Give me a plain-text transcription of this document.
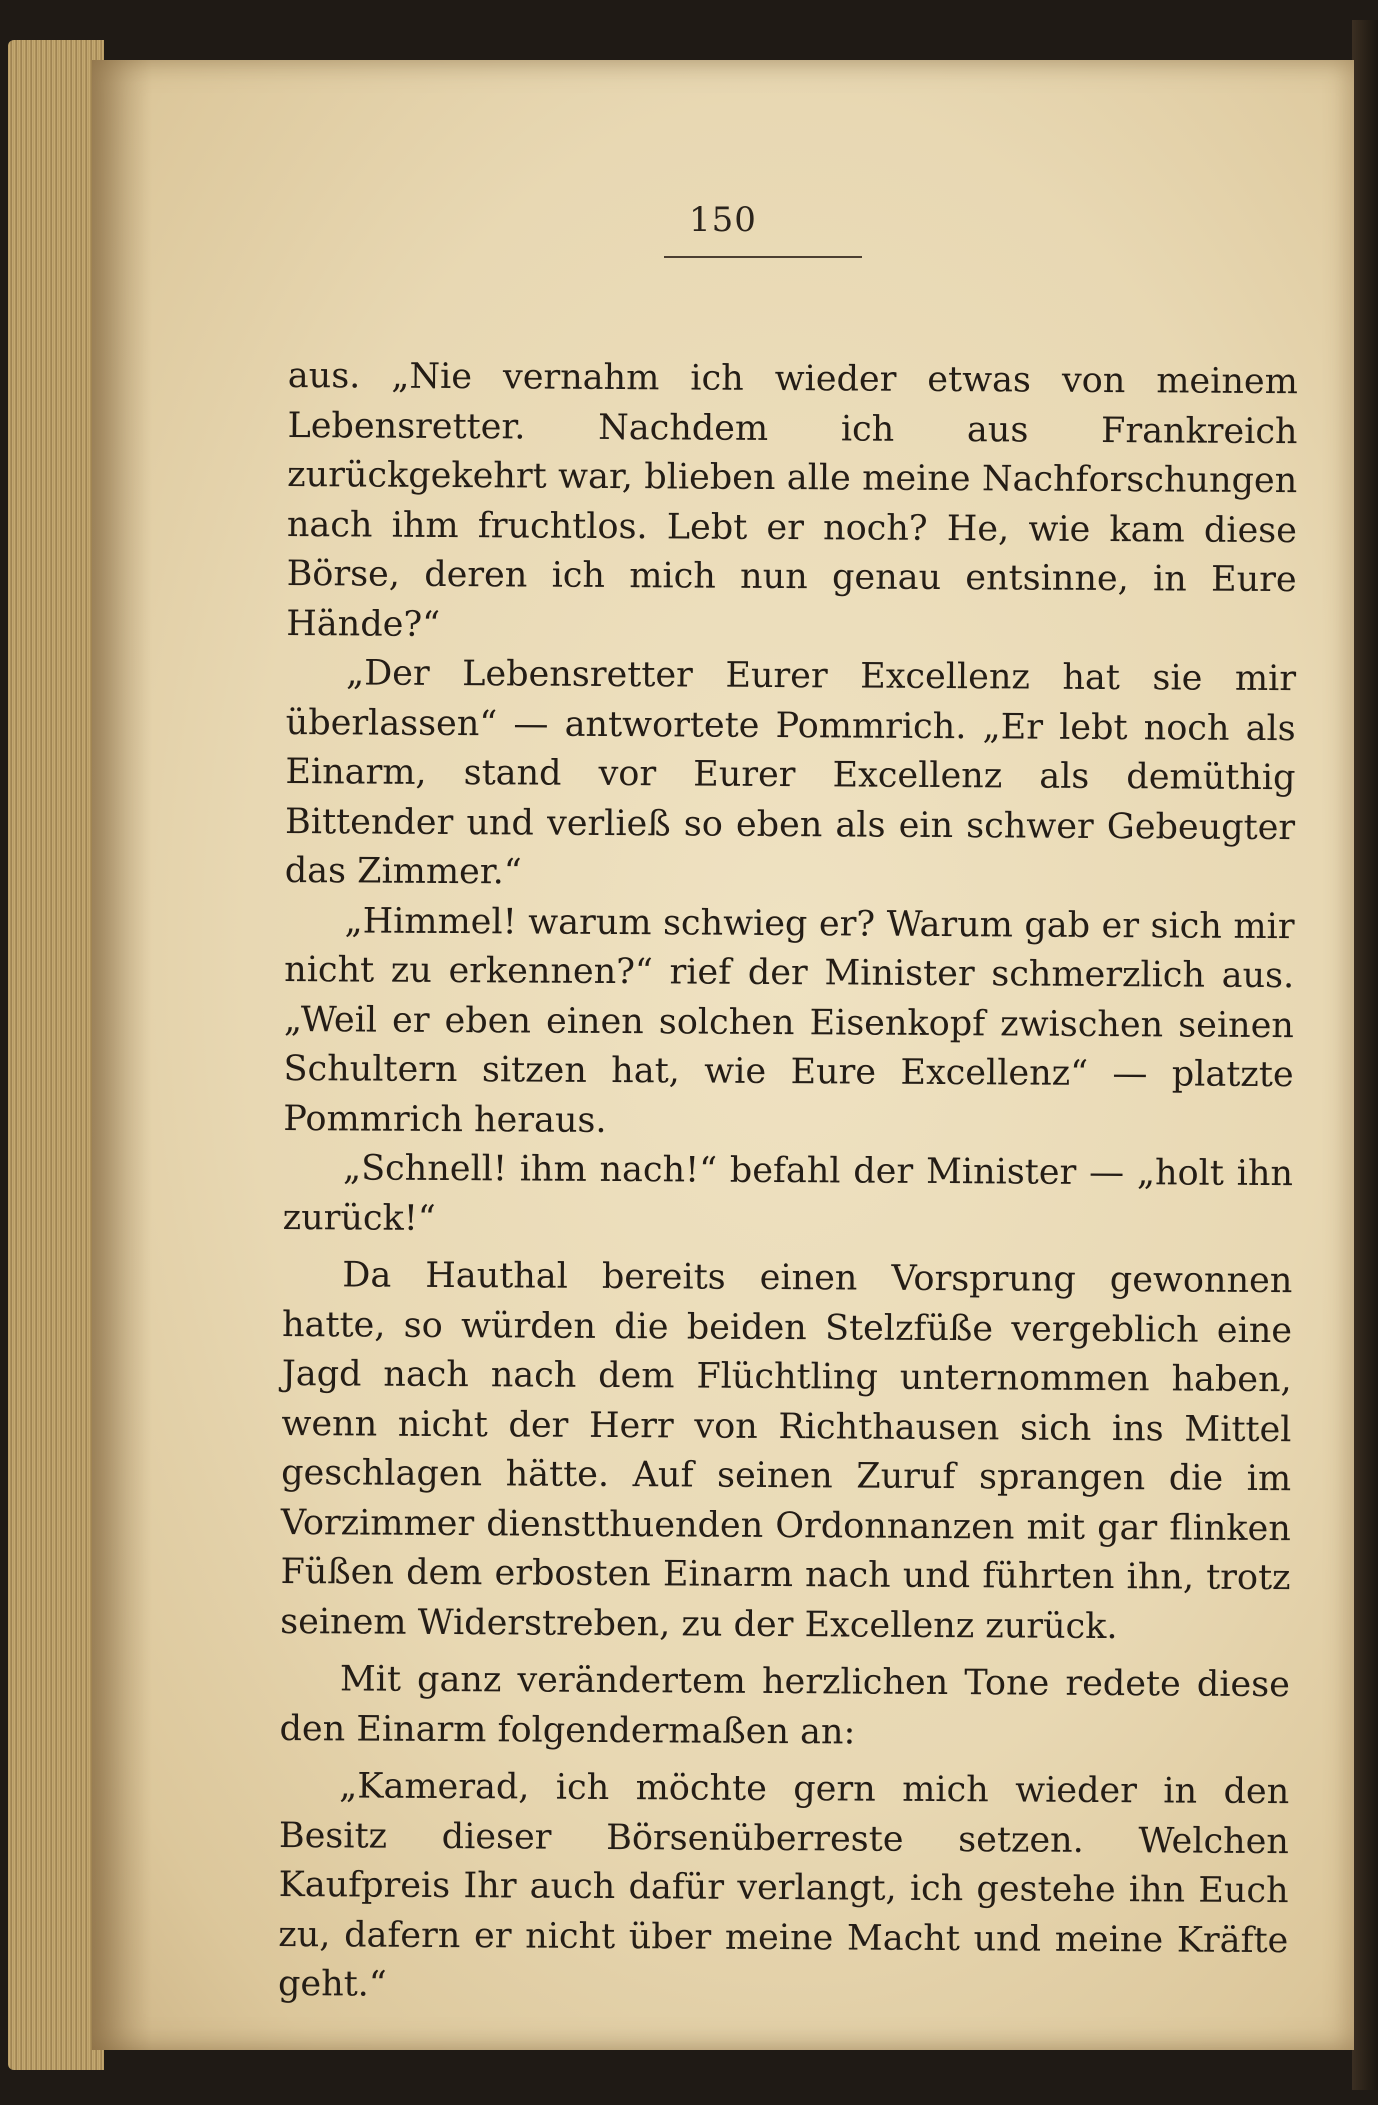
150

aus. „Nie vernahm ich wieder etwas von meinem Lebensretter. Nachdem ich aus Frankreich zurückgekehrt war, blieben alle meine Nachforschungen nach ihm fruchtlos. Lebt er noch? He, wie kam diese Börse, deren ich mich nun genau entsinne, in Eure Hände?“

„Der Lebensretter Eurer Excellenz hat sie mir überlassen“ — antwortete Pommrich. „Er lebt noch als Einarm, stand vor Eurer Excellenz als demüthig Bittender und verließ so eben als ein schwer Gebeugter das Zimmer.“

„Himmel! warum schwieg er? Warum gab er sich mir nicht zu erkennen?“ rief der Minister schmerzlich aus. „Weil er eben einen solchen Eisenkopf zwischen seinen Schultern sitzen hat, wie Eure Excellenz“ — platzte Pommrich heraus.

„Schnell! ihm nach!“ befahl der Minister — „holt ihn zurück!“

Da Hauthal bereits einen Vorsprung gewonnen hatte, so würden die beiden Stelzfüße vergeblich eine Jagd nach nach dem Flüchtling unternommen haben, wenn nicht der Herr von Richthausen sich ins Mittel geschlagen hätte. Auf seinen Zuruf sprangen die im Vorzimmer dienstthuenden Ordonnanzen mit gar flinken Füßen dem erbosten Einarm nach und führten ihn, trotz seinem Widerstreben, zu der Excellenz zurück.

Mit ganz verändertem herzlichen Tone redete diese den Einarm folgendermaßen an:

„Kamerad, ich möchte gern mich wieder in den Besitz dieser Börsenüberreste setzen. Welchen Kaufpreis Ihr auch dafür verlangt, ich gestehe ihn Euch zu, dafern er nicht über meine Macht und meine Kräfte geht.“
